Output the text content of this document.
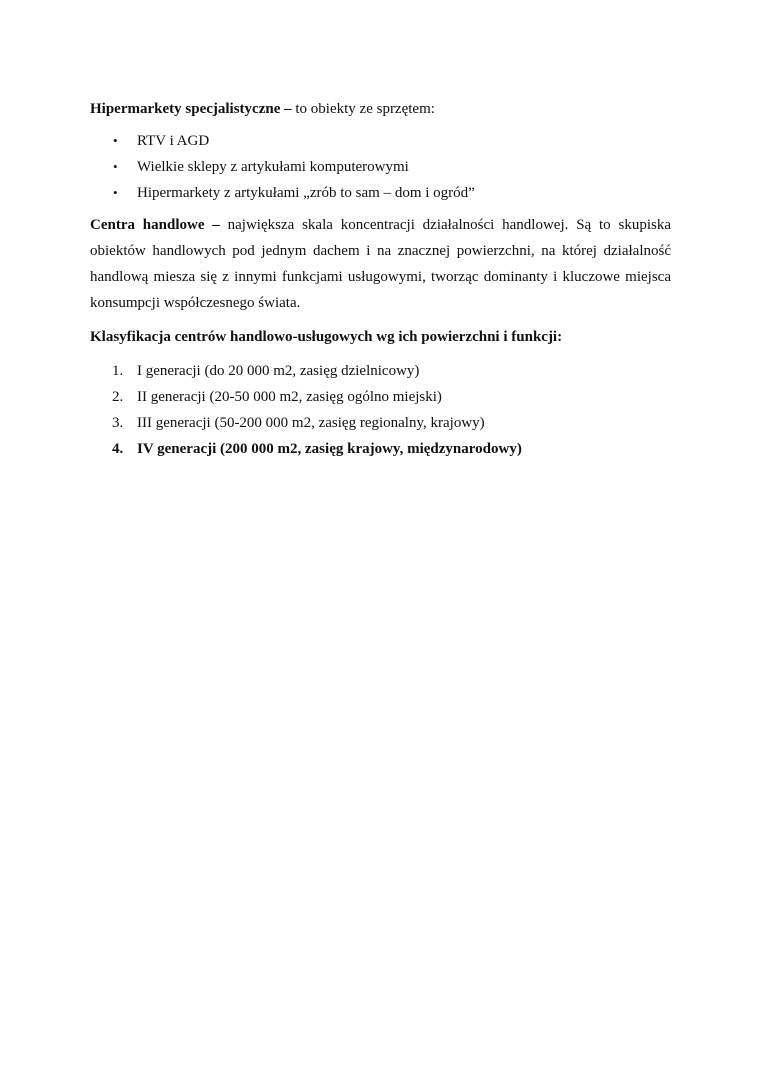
Hipermarkety specjalistyczne – to obiekty ze sprzętem:

• RTV i AGD
• Wielkie sklepy z artykułami komputerowymi
• Hipermarkety z artykułami „zrób to sam – dom i ogród”

Centra handlowe – największa skala koncentracji działalności handlowej. Są to skupiska obiektów handlowych pod jednym dachem i na znacznej powierzchni, na której działalność handlową miesza się z innymi funkcjami usługowymi, tworząc dominanty i kluczowe miejsca konsumpcji współczesnego świata.

Klasyfikacja centrów handlowo-usługowych wg ich powierzchni i funkcji:

1. I generacji (do 20 000 m2, zasięg dzielnicowy)
2. II generacji (20-50 000 m2, zasięg ogólno miejski)
3. III generacji (50-200 000 m2, zasięg regionalny, krajowy)
4. IV generacji (200 000 m2, zasięg krajowy, międzynarodowy)
